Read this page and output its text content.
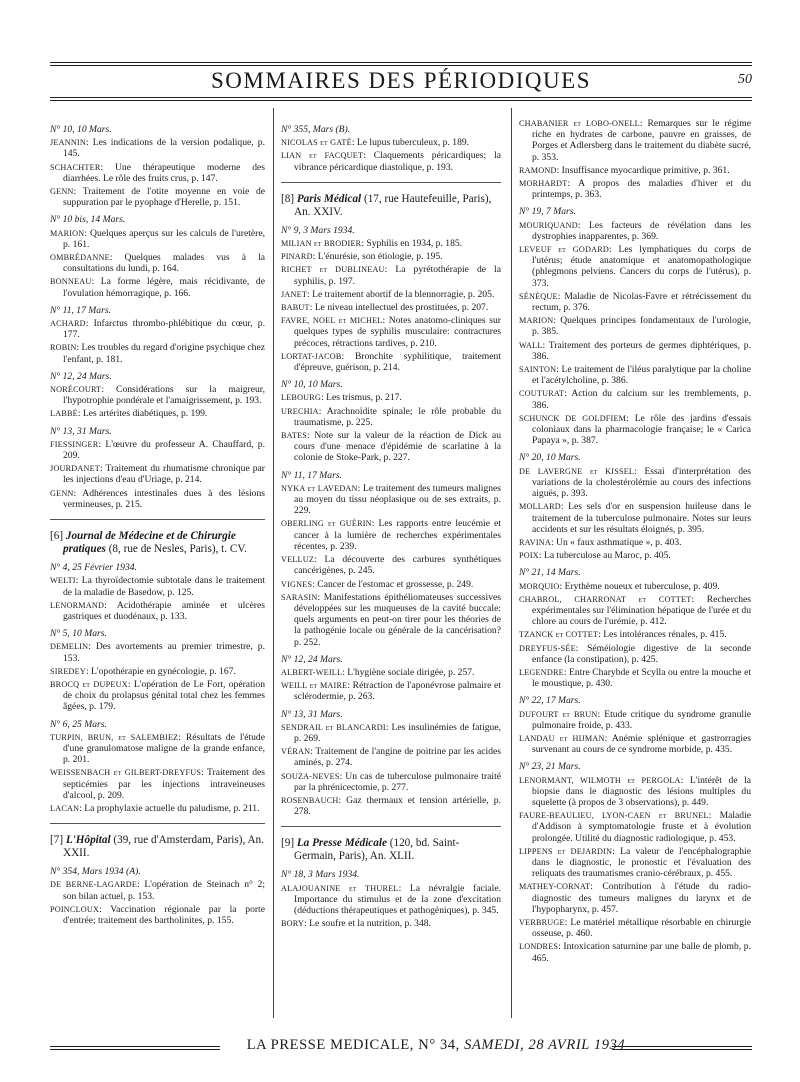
SOMMAIRES DES PÉRIODIQUES	50
N° 10, 10 Mars.
JEANNIN: Les indications de la version podalique, p. 145.
SCHACHTER: Une thérapeutique moderne des diarrhées. Le rôle des fruits crus, p. 147.
GENN: Traitement de l'otite moyenne en voie de suppuration par le pyophage d'Herelle, p. 151.
N° 10 bis, 14 Mars.
MARION: Quelques aperçus sur les calculs de l'uretère, p. 161.
OMBRÉDANNE: Quelques malades vus à la consultations du lundi, p. 164.
BONNEAU: La forme légère, mais récidivante, de l'ovulation hémorragique, p. 166.
N° 11, 17 Mars.
ACHARD: Infarctus thrombo-phlébitique du cœur, p. 177.
ROBIN: Les troubles du regard d'origine psychique chez l'enfant, p. 181.
N° 12, 24 Mars.
NORÉCOURT: Considérations sur la maigreur, l'hypotrophie pondérale et l'amaigrissement, p. 193.
LABBÉ: Les artérites diabétiques, p. 199.
N° 13, 31 Mars.
FIESSINGER: L'œuvre du professeur A. Chauffard, p. 209.
JOURDANET: Traitement du rhumatisme chronique par les injections d'eau d'Uriage, p. 214.
GENN: Adhérences intestinales dues à des lésions vermineuses, p. 215.
[6] Journal de Médecine et de Chirurgie pratiques (8, rue de Nesles, Paris), t. CV.
N° 4, 25 Février 1934.
WELTI: La thyroïdectomie subtotale dans le traitement de la maladie de Basedow, p. 125.
LENORMAND: Acidothérapie aminée et ulcères gastriques et duodénaux, p. 133.
N° 5, 10 Mars.
DEMELIN: Des avortements au premier trimestre, p. 153.
SIREDEY: L'opothérapie en gynécologie, p. 167.
BROCQ et DUPEUX: L'opération de Le Fort, opération de choix du prolapsus génital total chez les femmes âgées, p. 179.
N° 6, 25 Mars.
TURPIN, BRUN, et SALEMBIEZ: Résultats de l'étude d'une granulomatose maligne de la grande enfance, p. 201.
WEISSENBACH et GILBERT-DREYFUS: Traitement des septicémies par les injections intraveineuses d'alcool, p. 209.
LACAN: La prophylaxie actuelle du paludisme, p. 211.
[7] L'Hôpital (39, rue d'Amsterdam, Paris), An. XXII.
N° 354, Mars 1934 (A).
DE BERNE-LAGARDE: L'opération de Steinach n° 2; son bilan actuel, p. 153.
POINCLOUX: Vaccination régionale par la porte d'entrée; traitement des bartholinites, p. 155.
N° 355, Mars (B).
NICOLAS et GATÉ: Le lupus tuberculeux, p. 189.
LIAN et FACQUET: Claquements péricardiques; la vibrance péricardique diastolique, p. 193.
[8] Paris Médical (17, rue Hautefeuille, Paris), An. XXIV.
N° 9, 3 Mars 1934.
MILIAN et BRODIER: Syphilis en 1934, p. 185.
PINARD: L'énurésie, son étiologie, p. 195.
RICHET et DUBLINEAU: La pyrétothérapie de la syphilis, p. 197.
JANET: Le traitement abortif de la blennorragie, p. 205.
BABUT: Le niveau intellectuel des prostituées, p. 207.
FAVRE, NOEL et MICHEL: Notes anatomo-cliniques sur quelques types de syphilis musculaire: contractures précoces, rétractions tardives, p. 210.
LORTAT-JACOB: Bronchite syphilitique, traitement d'épreuve, guérison, p. 214.
N° 10, 10 Mars.
LEBOURG: Les trismus, p. 217.
URECHIA: Arachnoïdite spinale; le rôle probable du traumatisme, p. 225.
BATES: Note sur la valeur de la réaction de Dick au cours d'une menace d'épidémie de scarlatine à la colonie de Stoke-Park, p. 227.
N° 11, 17 Mars.
NYKA et LAVEDAN: Le traitement des tumeurs malignes au moyen du tissu néoplasique ou de ses extraits, p. 229.
OBERLING et GUÉRIN: Les rapports entre leucémie et cancer à la lumière de recherches expérimentales récentes, p. 239.
VELLUZ: La découverte des carbures synthétiques cancérigènes, p. 245.
VIGNES: Cancer de l'estomac et grossesse, p. 249.
SARASIN: Manifestations épithéliomateuses successives développées sur les muqueuses de la cavité buccale: quels arguments en peut-on tirer pour les théories de la pathogénie locale ou générale de la cancérisation? p. 252.
N° 12, 24 Mars.
ALBERT-WEILL: L'hygiène sociale dirigée, p. 257.
WEILL et MAIRE: Rétraction de l'aponévrose palmaire et sclérodermie, p. 263.
N° 13, 31 Mars.
SENDRAIL et BLANCARDI: Les insulinémies de fatigue, p. 269.
VÉRAN: Traitement de l'angine de poitrine par les acides aminés, p. 274.
SOUZA-NEVES: Un cas de tuberculose pulmonaire traité par la phrénicectomie, p. 277.
ROSENBAUCH: Gaz thermaux et tension artérielle, p. 278.
[9] La Presse Médicale (120, bd. Saint-Germain, Paris), An. XLII.
N° 18, 3 Mars 1934.
ALAJOUANINE et THUREL: La névralgie faciale. Importance du stimulus et de la zone d'excitation (déductions thérapeutiques et pathogéniques), p. 345.
BORY: Le soufre et la nutrition, p. 348.
CHABANIER et LOBO-ONELL: Remarques sur le régime riche en hydrates de carbone, pauvre en graisses, de Porges et Adlersberg dans le traitement du diabète sucré, p. 353.
RAMOND: Insuffisance myocardique primitive, p. 361.
MORHARDT: A propos des maladies d'hiver et du printemps, p. 363.
N° 19, 7 Mars.
MOURIQUAND: Les facteurs de révélation dans les dystrophies inapparentes, p. 369.
LEVEUF et GODARD: Les lymphatiques du corps de l'utérus; étude anatomique et anatomopathologique (phlegmons pelviens. Cancers du corps de l'utérus), p. 373.
SÉNÈQUE: Maladie de Nicolas-Favre et rétrécissement du rectum, p. 376.
MARION: Quelques principes fondamentaux de l'urologie, p. 385.
WALL: Traitement des porteurs de germes diphtériques, p. 386.
SAINTON: Le traitement de l'iléus paralytique par la choline et l'acétylcholine, p. 386.
COUTURAT: Action du calcium sur les tremblements, p. 386.
SCHUNCK DE GOLDFIEM: Le rôle des jardins d'essais coloniaux dans la pharmacologie française; le « Carica Papaya », p. 387.
N° 20, 10 Mars.
DE LAVERGNE et KISSEL: Essai d'interprétation des variations de la cholestérolémie au cours des infections aiguës, p. 393.
MOLLARD: Les sels d'or en suspension huileuse dans le traitement de la tuberculose pulmonaire. Notes sur leurs accidents et sur les résultats éloignés, p. 395.
RAVINA: Un « faux asthmatique », p. 403.
POIX: La tuberculose au Maroc, p. 405.
N° 21, 14 Mars.
MORQUIO: Erythème noueux et tuberculose, p. 409.
CHABROL, CHARRONAT et COTTET: Recherches expérimentales sur l'élimination hépatique de l'urée et du chlore au cours de l'urémie, p. 412.
TZANCK et COTTET: Les intolérances rénales, p. 415.
DREYFUS-SÉE: Séméiologie digestive de la seconde enfance (la constipation), p. 425.
LEGENDRE: Entre Charybde et Scylla ou entre la mouche et le moustique, p. 430.
N° 22, 17 Mars.
DUFOURT et BRUN: Etude critique du syndrome granulie pulmonaire froide, p. 433.
LANDAU et HIJMAN: Anémie splénique et gastrorragies survenant au cours de ce syndrome morbide, p. 435.
N° 23, 21 Mars.
LENORMANT, WILMOTH et PERGOLA: L'intérêt de la biopsie dans le diagnostic des lésions multiples du squelette (à propos de 3 observations), p. 449.
FAURE-BEAULIEU, LYON-CAEN et BRUNEL: Maladie d'Addison à symptomatologie fruste et à évolution prolongée. Utilité du diagnostic radiologique, p. 453.
LIPPENS et DEJARDIN: La valeur de l'encéphalographie dans le diagnostic, le pronostic et l'évaluation des reliquats des traumatismes cranio-cérébraux, p. 455.
MATHEY-CORNAT: Contribution à l'étude du radio-diagnostic des tumeurs malignes du larynx et de l'hypopharynx, p. 457.
VERBRUGE: Le matériel métallique résorbable en chirurgie osseuse, p. 460.
LONDRES: Intoxication saturnine par une balle de plomb, p. 465.
LA PRESSE MEDICALE, N° 34, SAMEDI, 28 AVRIL 1934
